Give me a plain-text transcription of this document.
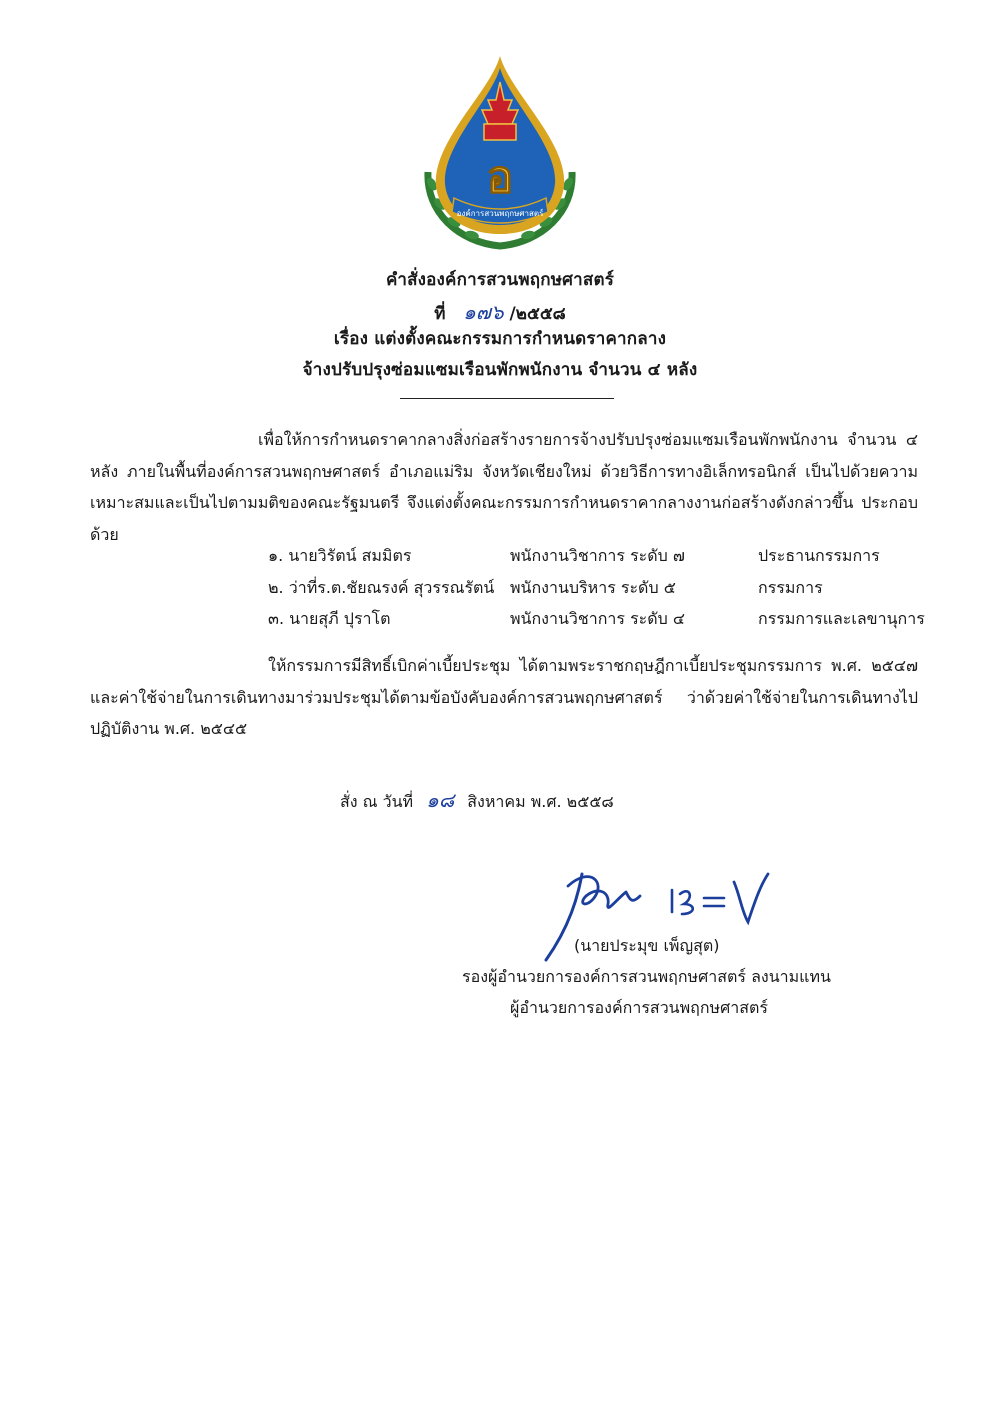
อ
องค์การสวนพฤกษศาสตร์
คำสั่งองค์การสวนพฤกษศาสตร์
ที่ ๑๗๖ /๒๕๕๘
เรื่อง แต่งตั้งคณะกรรมการกำหนดราคากลาง
จ้างปรับปรุงซ่อมแซมเรือนพักพนักงาน จำนวน ๔ หลัง
เพื่อให้การกำหนดราคากลางสิ่งก่อสร้างรายการจ้างปรับปรุงซ่อมแซมเรือนพักพนักงาน จำนวน ๔ หลัง ภายในพื้นที่องค์การสวนพฤกษศาสตร์ อำเภอแม่ริม จังหวัดเชียงใหม่ ด้วยวิธีการทางอิเล็กทรอนิกส์ เป็นไปด้วยความเหมาะสมและเป็นไปตามมติของคณะรัฐมนตรี จึงแต่งตั้งคณะกรรมการกำหนดราคากลางงานก่อสร้างดังกล่าวขึ้น ประกอบด้วย
๑. นายวิรัตน์ สมมิตร	พนักงานวิชาการ ระดับ ๗	ประธานกรรมการ
๒. ว่าที่ร.ต.ชัยณรงค์ สุวรรณรัตน์ พนักงานบริหาร ระดับ ๕	กรรมการ
๓. นายสุภี ปุราโต	พนักงานวิชาการ ระดับ ๔	กรรมการและเลขานุการ
ให้กรรมการมีสิทธิ์เบิกค่าเบี้ยประชุม ได้ตามพระราชกฤษฎีกาเบี้ยประชุมกรรมการ พ.ศ. ๒๕๔๗ และค่าใช้จ่ายในการเดินทางมาร่วมประชุมได้ตามข้อบังคับองค์การสวนพฤกษศาสตร์ ว่าด้วยค่าใช้จ่ายในการเดินทางไปปฏิบัติงาน พ.ศ. ๒๕๔๕
สั่ง ณ วันที่ ๑๘ สิงหาคม พ.ศ. ๒๕๕๘
(นายประมุข เพ็ญสุต)
รองผู้อำนวยการองค์การสวนพฤกษศาสตร์ ลงนามแทน
ผู้อำนวยการองค์การสวนพฤกษศาสตร์
